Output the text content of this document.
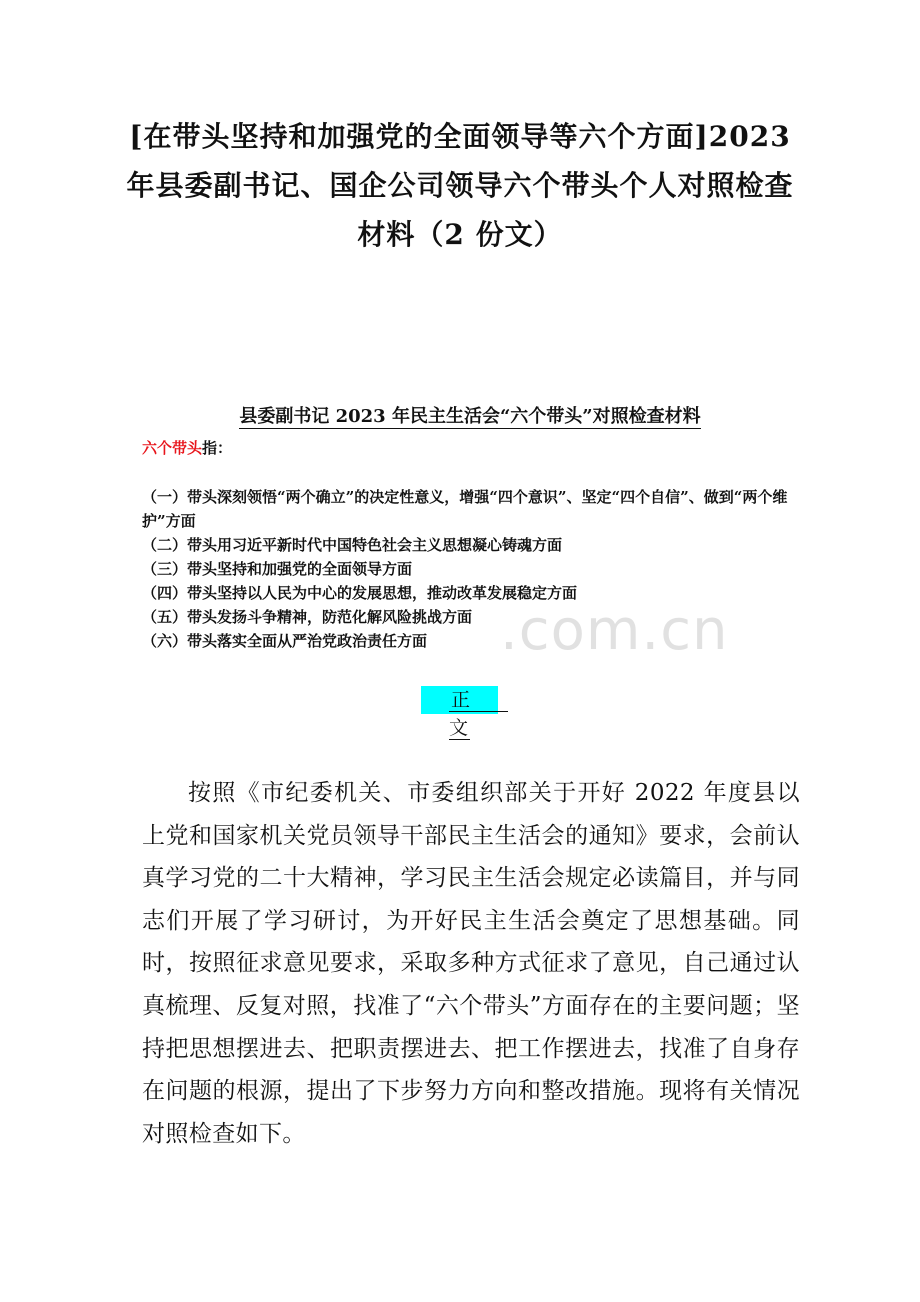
[在带头坚持和加强党的全面领导等六个方面]2023
年县委副书记、国企公司领导六个带头个人对照检查
材料（2 份文）
县委副书记 2023 年民主生活会“六个带头”对照检查材料
六个带头指：
（一）带头深刻领悟“两个确立”的决定性意义，增强“四个意识”、坚定“四个自信”、做到“两个维护”方面
（二）带头用习近平新时代中国特色社会主义思想凝心铸魂方面
（三）带头坚持和加强党的全面领导方面
（四）带头坚持以人民为中心的发展思想，推动改革发展稳定方面
（五）带头发扬斗争精神，防范化解风险挑战方面
（六）带头落实全面从严治党政治责任方面	.com.cn
正　　文
按照《市纪委机关、市委组织部关于开好 2022 年度县以上党和国家机关党员领导干部民主生活会的通知》要求，会前认真学习党的二十大精神，学习民主生活会规定必读篇目，并与同志们开展了学习研讨，为开好民主生活会奠定了思想基础。同时，按照征求意见要求，采取多种方式征求了意见，自己通过认真梳理、反复对照，找准了“六个带头”方面存在的主要问题；坚持把思想摆进去、把职责摆进去、把工作摆进去，找准了自身存在问题的根源，提出了下步努力方向和整改措施。现将有关情况对照检查如下。
